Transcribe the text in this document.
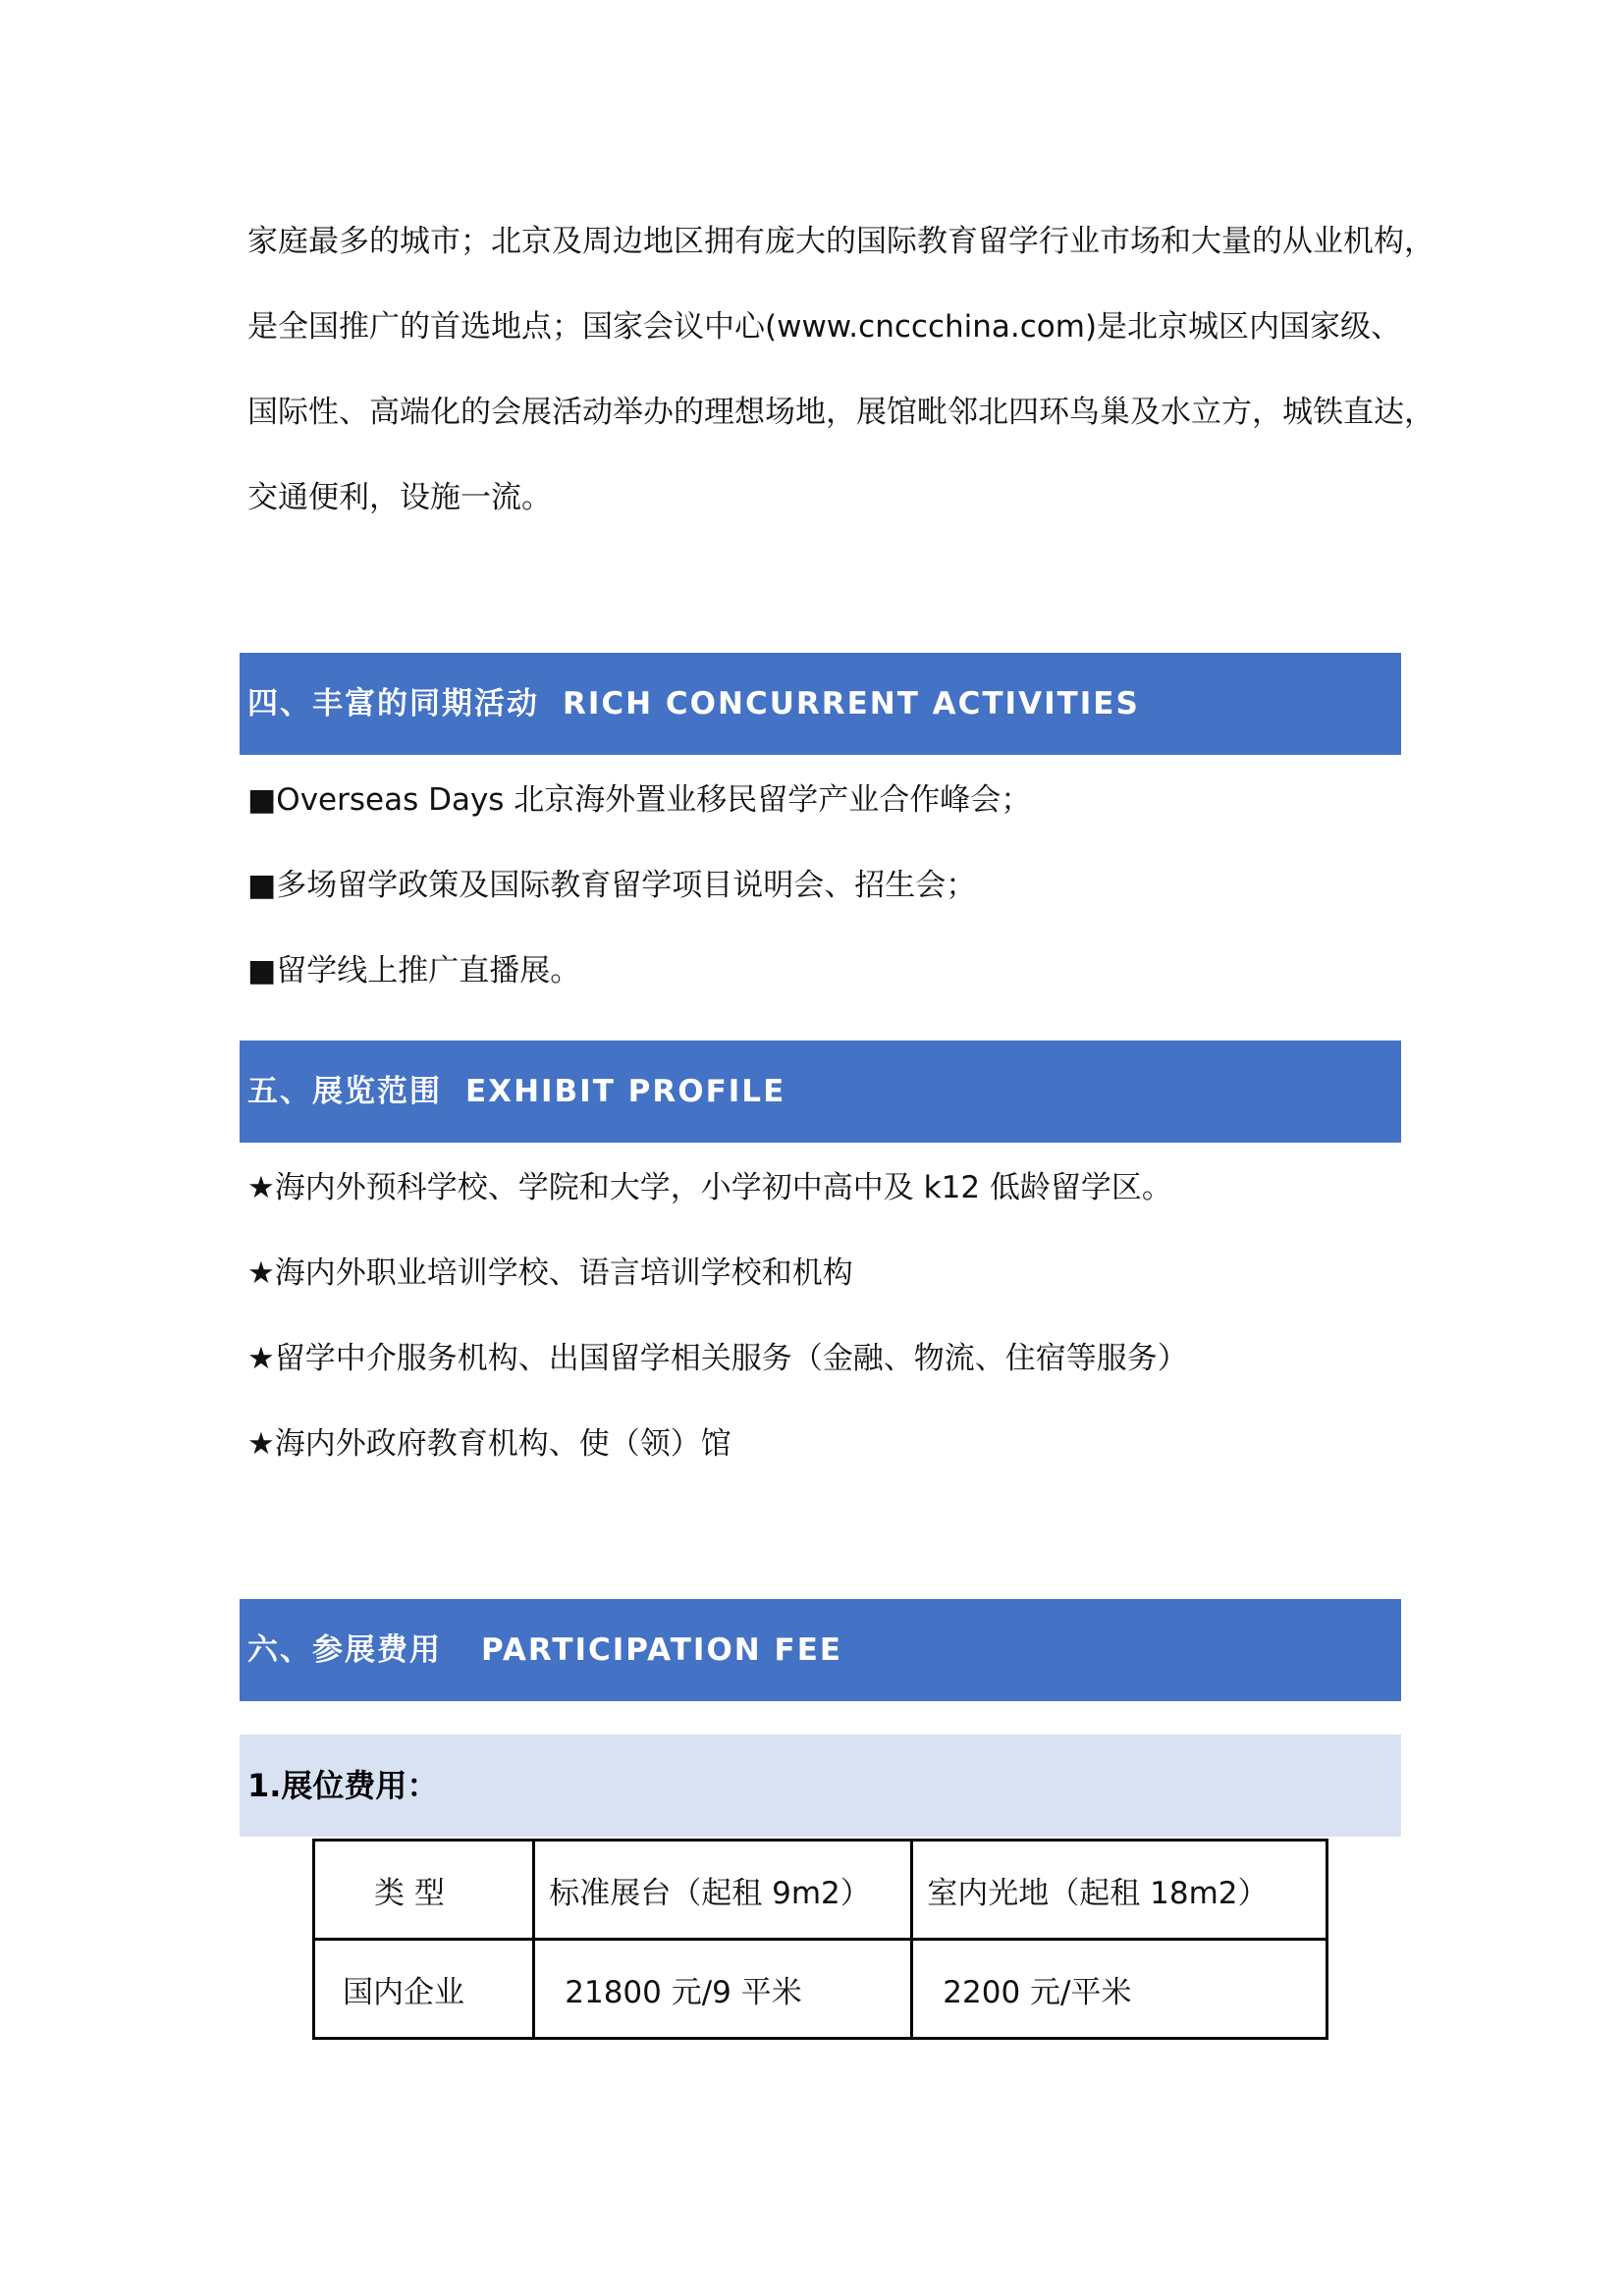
家庭最多的城市；北京及周边地区拥有庞大的国际教育留学行业市场和大量的从业机构，
是全国推广的首选地点；国家会议中心(www.cnccchina.com)是北京城区内国家级、
国际性、高端化的会展活动举办的理想场地，展馆毗邻北四环鸟巢及水立方，城铁直达，
交通便利，设施一流。
四、丰富的同期活动 RICH CONCURRENT ACTIVITIES
■Overseas Days 北京海外置业移民留学产业合作峰会；
■多场留学政策及国际教育留学项目说明会、招生会；
■留学线上推广直播展。
五、展览范围 EXHIBIT PROFILE
★海内外预科学校、学院和大学，小学初中高中及 k12 低龄留学区。
★海内外职业培训学校、语言培训学校和机构
★留学中介服务机构、出国留学相关服务（金融、物流、住宿等服务）
★海内外政府教育机构、使（领）馆
六、参展费用 PARTICIPATION FEE
1.展位费用：
类 型	标准展台（起租 9m2）	室内光地（起租 18m2）
国内企业	21800 元/9 平米	2200 元/平米
